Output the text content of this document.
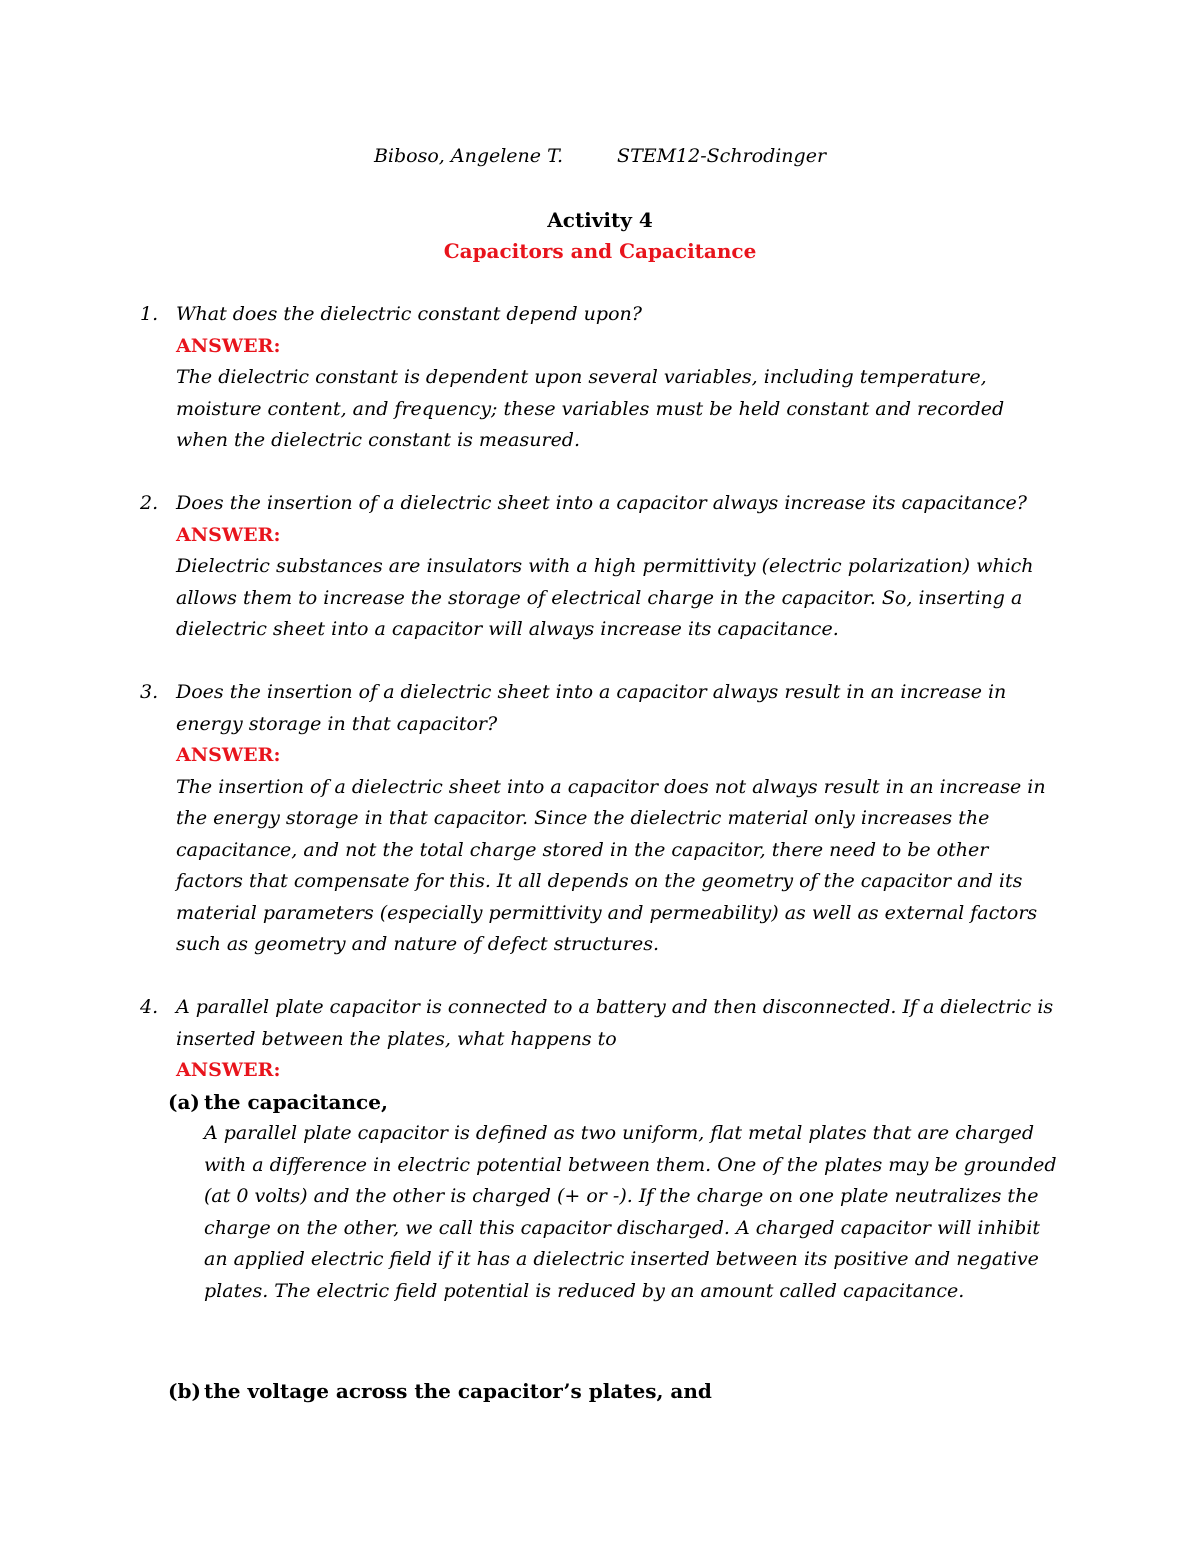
Biboso, Angelene T.	STEM12-Schrodinger
Activity 4
Capacitors and Capacitance
1. What does the dielectric constant depend upon?
ANSWER:
The dielectric constant is dependent upon several variables, including temperature,
moisture content, and frequency; these variables must be held constant and recorded
when the dielectric constant is measured.
2. Does the insertion of a dielectric sheet into a capacitor always increase its capacitance?
ANSWER:
Dielectric substances are insulators with a high permittivity (electric polarization) which
allows them to increase the storage of electrical charge in the capacitor. So, inserting a
dielectric sheet into a capacitor will always increase its capacitance.
3. Does the insertion of a dielectric sheet into a capacitor always result in an increase in
energy storage in that capacitor?
ANSWER:
The insertion of a dielectric sheet into a capacitor does not always result in an increase in
the energy storage in that capacitor. Since the dielectric material only increases the
capacitance, and not the total charge stored in the capacitor, there need to be other
factors that compensate for this. It all depends on the geometry of the capacitor and its
material parameters (especially permittivity and permeability) as well as external factors
such as geometry and nature of defect structures.
4. A parallel plate capacitor is connected to a battery and then disconnected. If a dielectric is
inserted between the plates, what happens to
ANSWER:
(a) the capacitance,
A parallel plate capacitor is defined as two uniform, flat metal plates that are charged
with a difference in electric potential between them. One of the plates may be grounded
(at 0 volts) and the other is charged (+ or -). If the charge on one plate neutralizes the
charge on the other, we call this capacitor discharged. A charged capacitor will inhibit
an applied electric field if it has a dielectric inserted between its positive and negative
plates. The electric field potential is reduced by an amount called capacitance.
(b) the voltage across the capacitor’s plates, and
